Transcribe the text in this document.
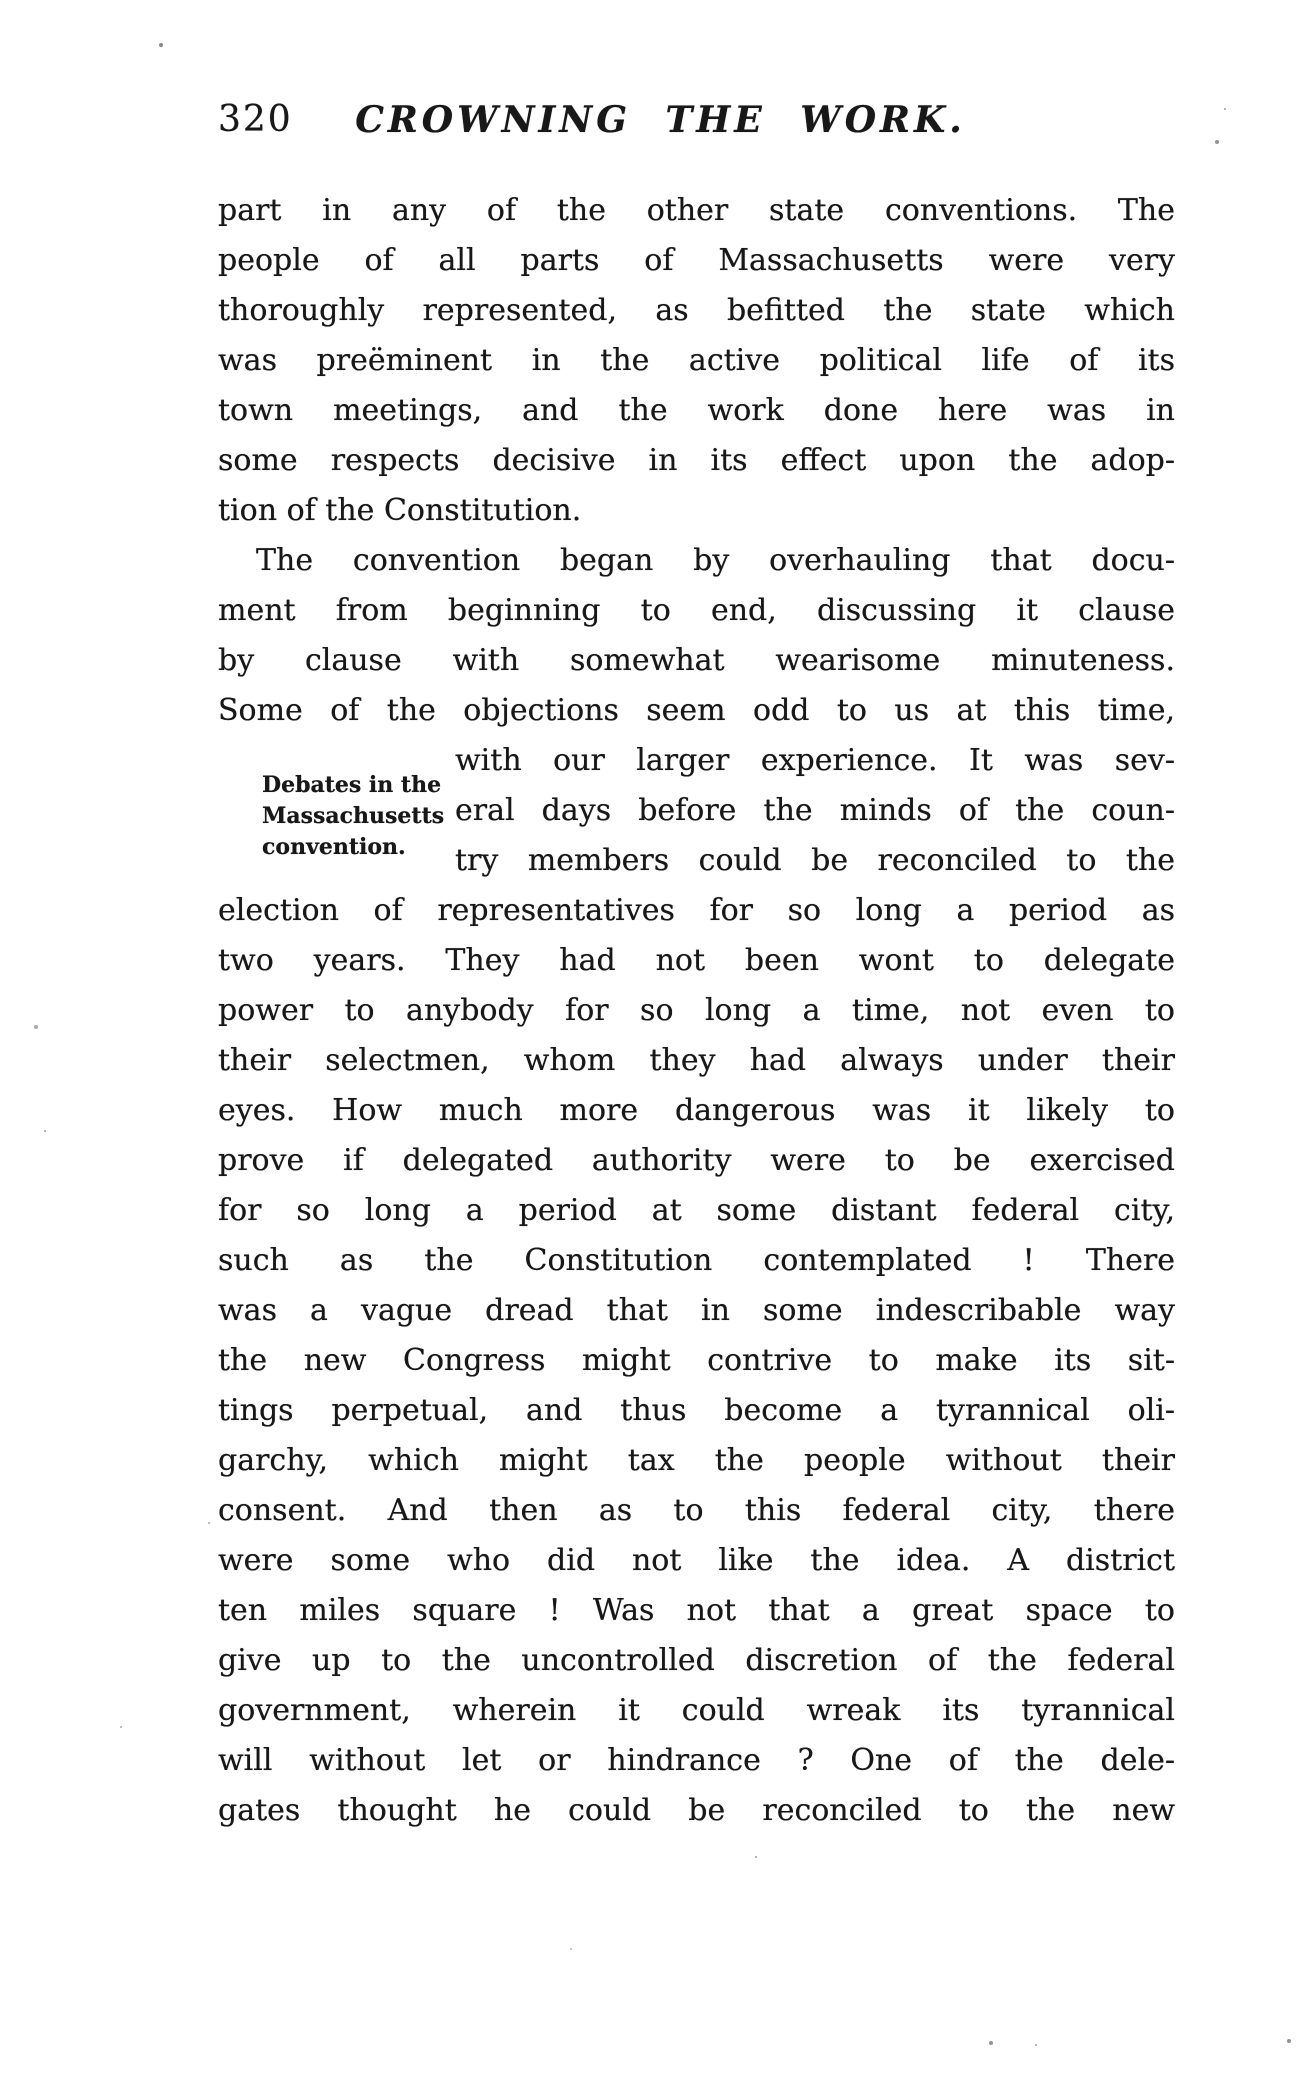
320	CROWNING THE WORK.
Debates in the
Massachusetts
convention.
part in any of the other state conventions. The
people of all parts of Massachusetts were very
thoroughly represented, as befitted the state which
was preëminent in the active political life of its
town meetings, and the work done here was in
some respects decisive in its effect upon the adop-
tion of the Constitution.
The convention began by overhauling that docu-
ment from beginning to end, discussing it clause
by clause with somewhat wearisome minuteness.
Some of the objections seem odd to us at this time,
with our larger experience. It was sev-
eral days before the minds of the coun-
try members could be reconciled to the
election of representatives for so long a period as
two years. They had not been wont to delegate
power to anybody for so long a time, not even to
their selectmen, whom they had always under their
eyes. How much more dangerous was it likely to
prove if delegated authority were to be exercised
for so long a period at some distant federal city,
such as the Constitution contemplated ! There
was a vague dread that in some indescribable way
the new Congress might contrive to make its sit-
tings perpetual, and thus become a tyrannical oli-
garchy, which might tax the people without their
consent. And then as to this federal city, there
were some who did not like the idea. A district
ten miles square ! Was not that a great space to
give up to the uncontrolled discretion of the federal
government, wherein it could wreak its tyrannical
will without let or hindrance ? One of the dele-
gates thought he could be reconciled to the new
